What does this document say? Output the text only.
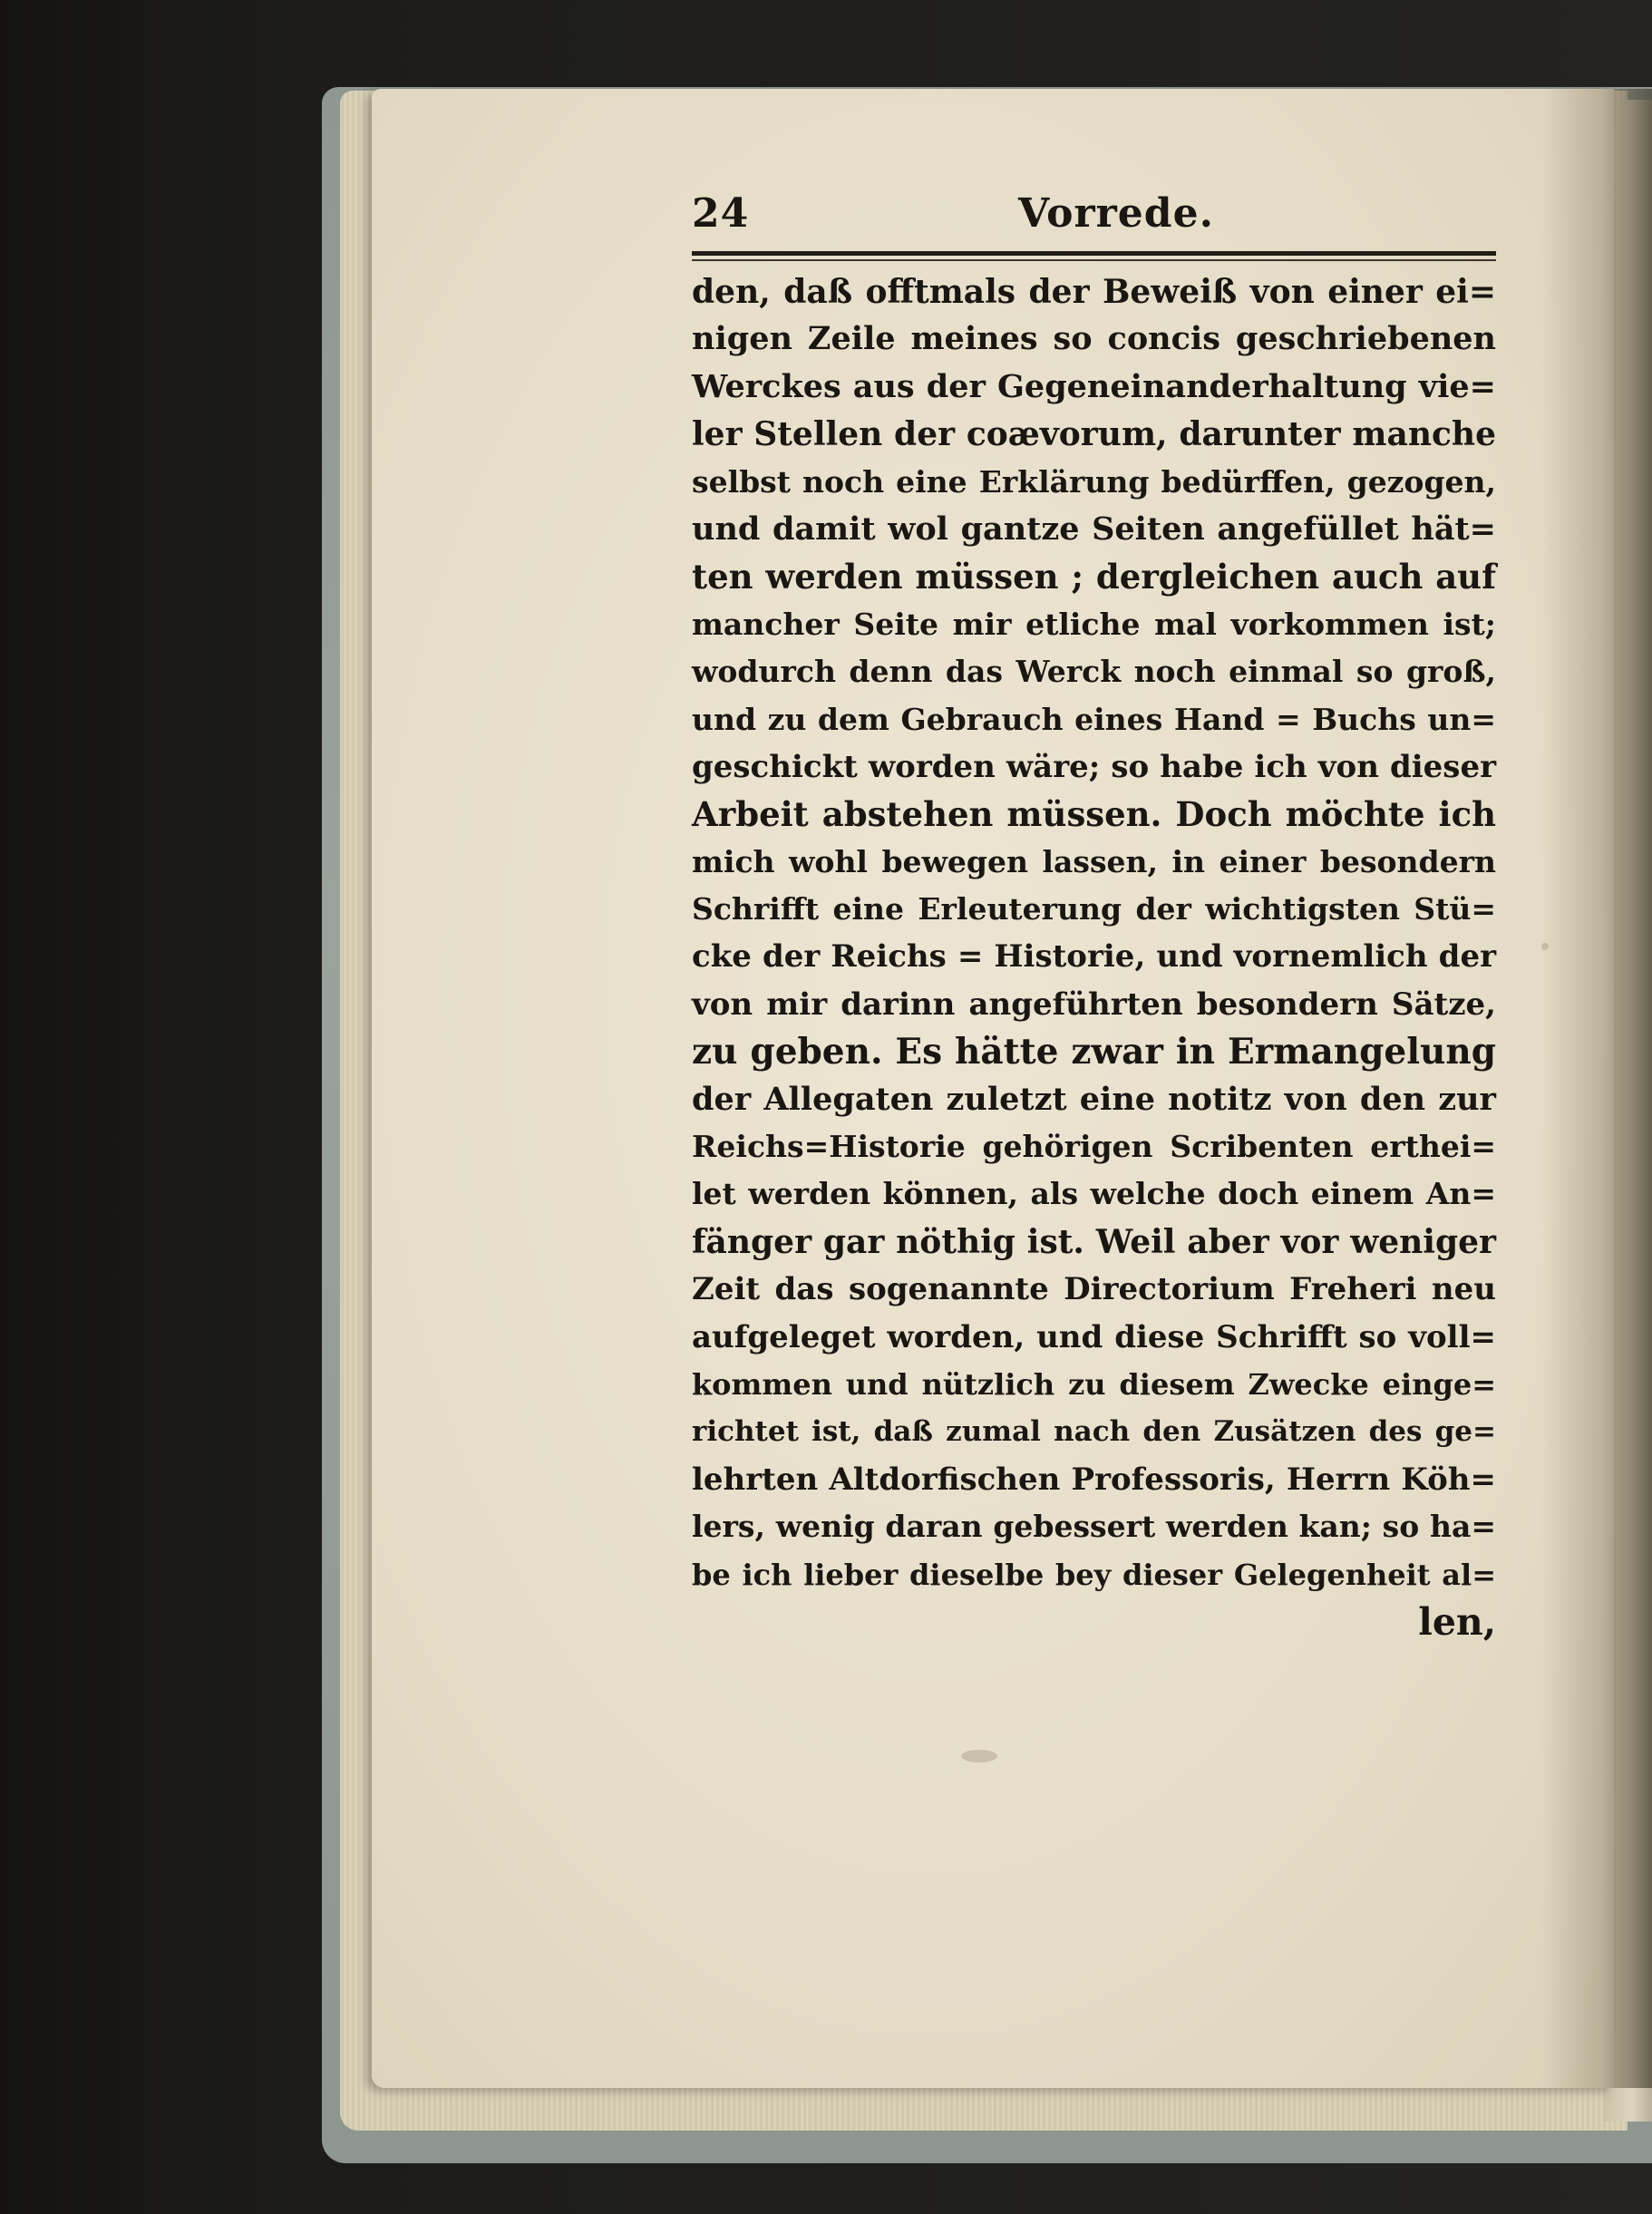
24	Vorrede.
den, daß offtmals der Beweiß von einer ei=
nigen Zeile meines so concis geschriebenen
Werckes aus der Gegeneinanderhaltung vie=
ler Stellen der coævorum, darunter manche
selbst noch eine Erklärung bedürffen, gezogen,
und damit wol gantze Seiten angefüllet hät=
ten werden müssen ; dergleichen auch auf
mancher Seite mir etliche mal vorkommen ist;
wodurch denn das Werck noch einmal so groß,
und zu dem Gebrauch eines Hand = Buchs un=
geschickt worden wäre; so habe ich von dieser
Arbeit abstehen müssen. Doch möchte ich
mich wohl bewegen lassen, in einer besondern
Schrifft eine Erleuterung der wichtigsten Stü=
cke der Reichs = Historie, und vornemlich der
von mir darinn angeführten besondern Sätze,
zu geben. Es hätte zwar in Ermangelung
der Allegaten zuletzt eine notitz von den zur
Reichs=Historie gehörigen Scribenten erthei=
let werden können, als welche doch einem An=
fänger gar nöthig ist. Weil aber vor weniger
Zeit das sogenannte Directorium Freheri neu
aufgeleget worden, und diese Schrifft so voll=
kommen und nützlich zu diesem Zwecke einge=
richtet ist, daß zumal nach den Zusätzen des ge=
lehrten Altdorfischen Professoris, Herrn Köh=
lers, wenig daran gebessert werden kan; so ha=
be ich lieber dieselbe bey dieser Gelegenheit al=
len,
